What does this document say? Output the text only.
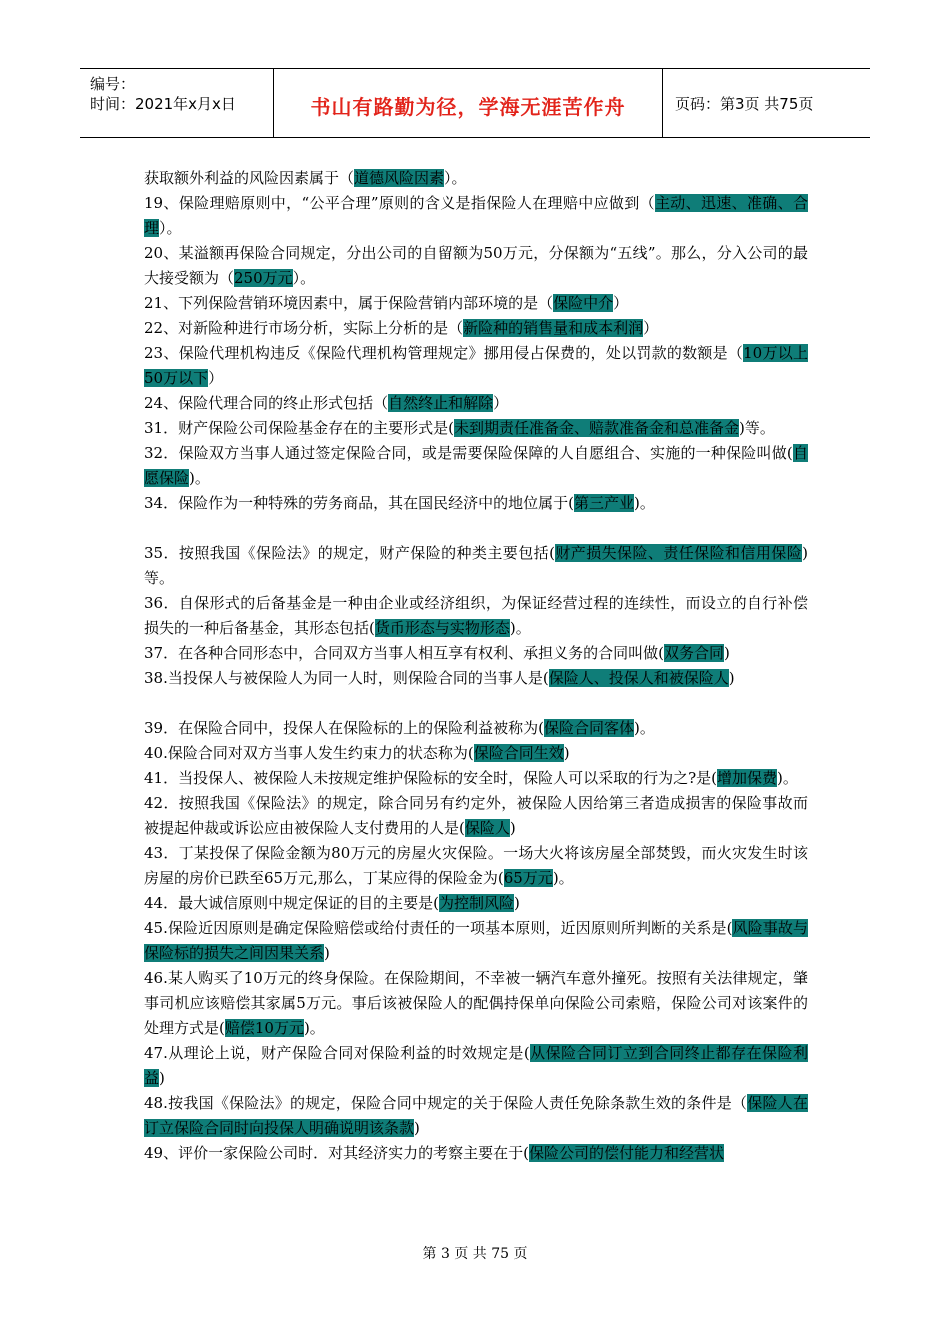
编号：
时间：2021年x月x日	书山有路勤为径，学海无涯苦作舟	页码：第3页 共75页

获取额外利益的风险因素属于（道德风险因素）。

19、保险理赔原则中，“公平合理”原则的含义是指保险人在理赔中应做到（主动、迅速、准确、合理）。

20、某溢额再保险合同规定，分出公司的自留额为50万元，分保额为“五线”。那么，分入公司的最大接受额为（250万元）。

21、下列保险营销环境因素中，属于保险营销内部环境的是（保险中介）

22、对新险种进行市场分析，实际上分析的是（新险种的销售量和成本利润）

23、保险代理机构违反《保险代理机构管理规定》挪用侵占保费的，处以罚款的数额是（10万以上50万以下）

24、保险代理合同的终止形式包括（自然终止和解除）

31．财产保险公司保险基金存在的主要形式是(未到期责任准备金、赔款准备金和总准备金)等。

32．保险双方当事人通过签定保险合同，或是需要保险保障的人自愿组合、实施的一种保险叫做(自愿保险)。

34．保险作为一种特殊的劳务商品，其在国民经济中的地位属于(第三产业)。

35．按照我国《保险法》的规定，财产保险的种类主要包括(财产损失保险、责任保险和信用保险)等。

36．自保形式的后备基金是一种由企业或经济组织，为保证经营过程的连续性，而设立的自行补偿损失的一种后备基金，其形态包括(货币形态与实物形态)。

37．在各种合同形态中，合同双方当事人相互享有权利、承担义务的合同叫做(双务合同)

38.当投保人与被保险人为同一人时，则保险合同的当事人是(保险人、投保人和被保险人)

39．在保险合同中，投保人在保险标的上的保险利益被称为(保险合同客体)。

40.保险合同对双方当事人发生约束力的状态称为(保险合同生效)

41．当投保人、被保险人未按规定维护保险标的安全时，保险人可以采取的行为之?是(增加保费)。

42．按照我国《保险法》的规定，除合同另有约定外，被保险人因给第三者造成损害的保险事故而被提起仲裁或诉讼应由被保险人支付费用的人是(保险人)

43．丁某投保了保险金额为80万元的房屋火灾保险。一场大火将该房屋全部焚毁，而火灾发生时该房屋的房价已跌至65万元,那么，丁某应得的保险金为(65万元)。

44．最大诚信原则中规定保证的目的主要是(为控制风险)

45.保险近因原则是确定保险赔偿或给付责任的一项基本原则，近因原则所判断的关系是(风险事故与保险标的损失之间因果关系)

46.某人购买了10万元的终身保险。在保险期间，不幸被一辆汽车意外撞死。按照有关法律规定，肇事司机应该赔偿其家属5万元。事后该被保险人的配偶持保单向保险公司索赔，保险公司对该案件的处理方式是(赔偿10万元)。

47.从理论上说，财产保险合同对保险利益的时效规定是(从保险合同订立到合同终止都存在保险利益)

48.按我国《保险法》的规定，保险合同中规定的关于保险人责任免除条款生效的条件是（保险人在订立保险合同时向投保人明确说明该条款)

49、评价一家保险公司时．对其经济实力的考察主要在于(保险公司的偿付能力和经营状

第 3 页 共 75 页
